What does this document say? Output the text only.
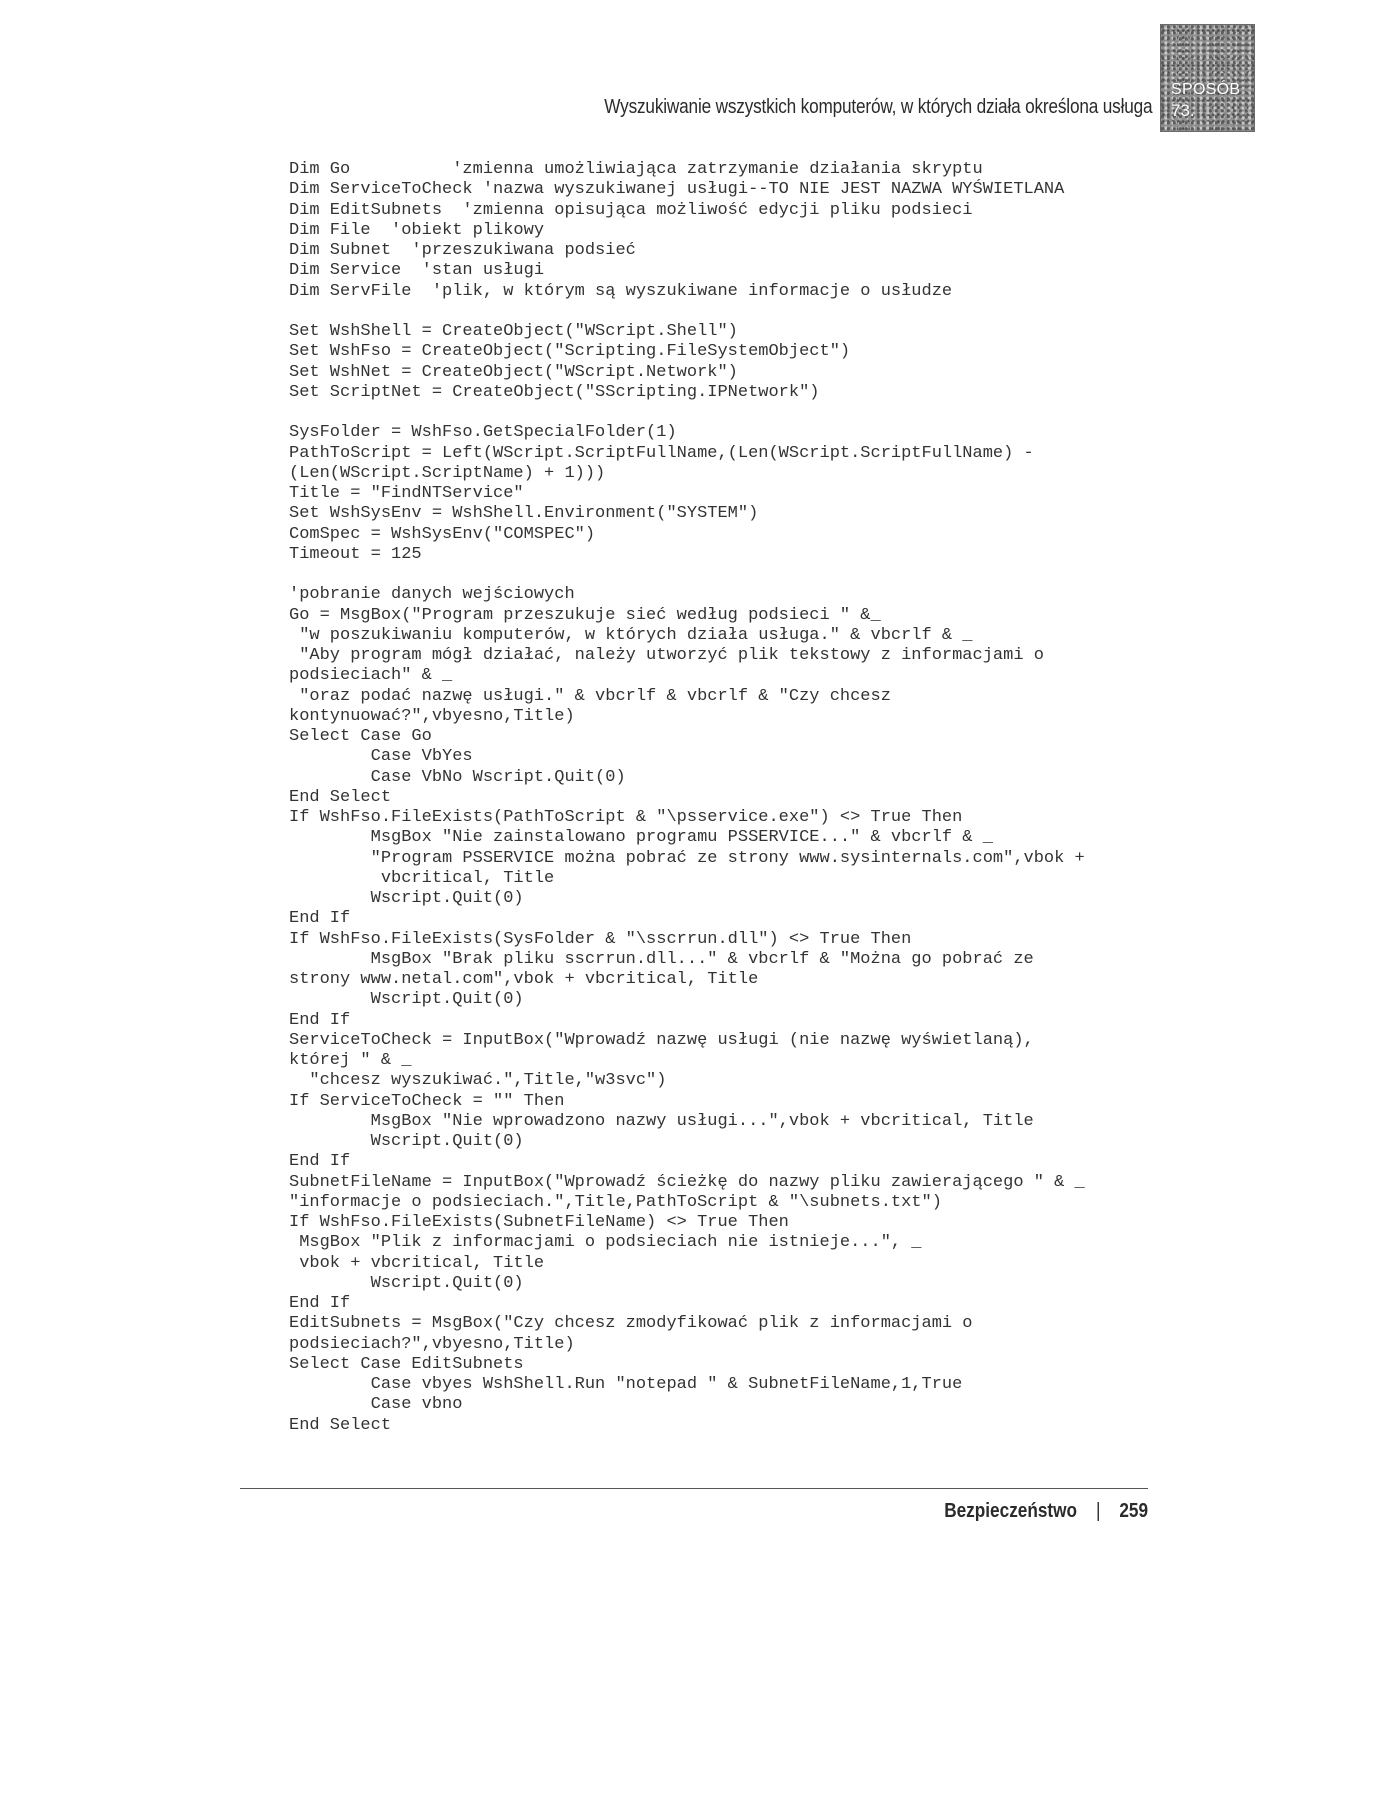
Wyszukiwanie wszystkich komputerów, w których działa określona usługa
SPOSÓB
73.
Dim Go          'zmienna umożliwiająca zatrzymanie działania skryptu
Dim ServiceToCheck 'nazwa wyszukiwanej usługi--TO NIE JEST NAZWA WYŚWIETLANA
Dim EditSubnets  'zmienna opisująca możliwość edycji pliku podsieci
Dim File  'obiekt plikowy
Dim Subnet  'przeszukiwana podsieć
Dim Service  'stan usługi
Dim ServFile  'plik, w którym są wyszukiwane informacje o usłudze
Set WshShell = CreateObject("WScript.Shell")
Set WshFso = CreateObject("Scripting.FileSystemObject")
Set WshNet = CreateObject("WScript.Network")
Set ScriptNet = CreateObject("SScripting.IPNetwork")
SysFolder = WshFso.GetSpecialFolder(1)
PathToScript = Left(WScript.ScriptFullName,(Len(WScript.ScriptFullName) -
(Len(WScript.ScriptName) + 1)))
Title = "FindNTService"
Set WshSysEnv = WshShell.Environment("SYSTEM")
ComSpec = WshSysEnv("COMSPEC")
Timeout = 125
'pobranie danych wejściowych
Go = MsgBox("Program przeszukuje sieć według podsieci " &_
"w poszukiwaniu komputerów, w których działa usługa." & vbcrlf & _
"Aby program mógł działać, należy utworzyć plik tekstowy z informacjami o
podsieciach" & _
"oraz podać nazwę usługi." & vbcrlf & vbcrlf & "Czy chcesz
kontynuować?",vbyesno,Title)
Select Case Go
Case VbYes
Case VbNo Wscript.Quit(0)
End Select
If WshFso.FileExists(PathToScript & "\psservice.exe") <> True Then
MsgBox "Nie zainstalowano programu PSSERVICE..." & vbcrlf & _
"Program PSSERVICE można pobrać ze strony www.sysinternals.com",vbok +
vbcritical, Title
Wscript.Quit(0)
End If
If WshFso.FileExists(SysFolder & "\sscrrun.dll") <> True Then
MsgBox "Brak pliku sscrrun.dll..." & vbcrlf & "Można go pobrać ze
strony www.netal.com",vbok + vbcritical, Title
Wscript.Quit(0)
End If
ServiceToCheck = InputBox("Wprowadź nazwę usługi (nie nazwę wyświetlaną),
której " & _
"chcesz wyszukiwać.",Title,"w3svc")
If ServiceToCheck = "" Then
MsgBox "Nie wprowadzono nazwy usługi...",vbok + vbcritical, Title
Wscript.Quit(0)
End If
SubnetFileName = InputBox("Wprowadź ścieżkę do nazwy pliku zawierającego " & _
"informacje o podsieciach.",Title,PathToScript & "\subnets.txt")
If WshFso.FileExists(SubnetFileName) <> True Then
MsgBox "Plik z informacjami o podsieciach nie istnieje...", _
vbok + vbcritical, Title
Wscript.Quit(0)
End If
EditSubnets = MsgBox("Czy chcesz zmodyfikować plik z informacjami o
podsieciach?",vbyesno,Title)
Select Case EditSubnets
Case vbyes WshShell.Run "notepad " & SubnetFileName,1,True
Case vbno
End Select
Bezpieczeństwo | 259
